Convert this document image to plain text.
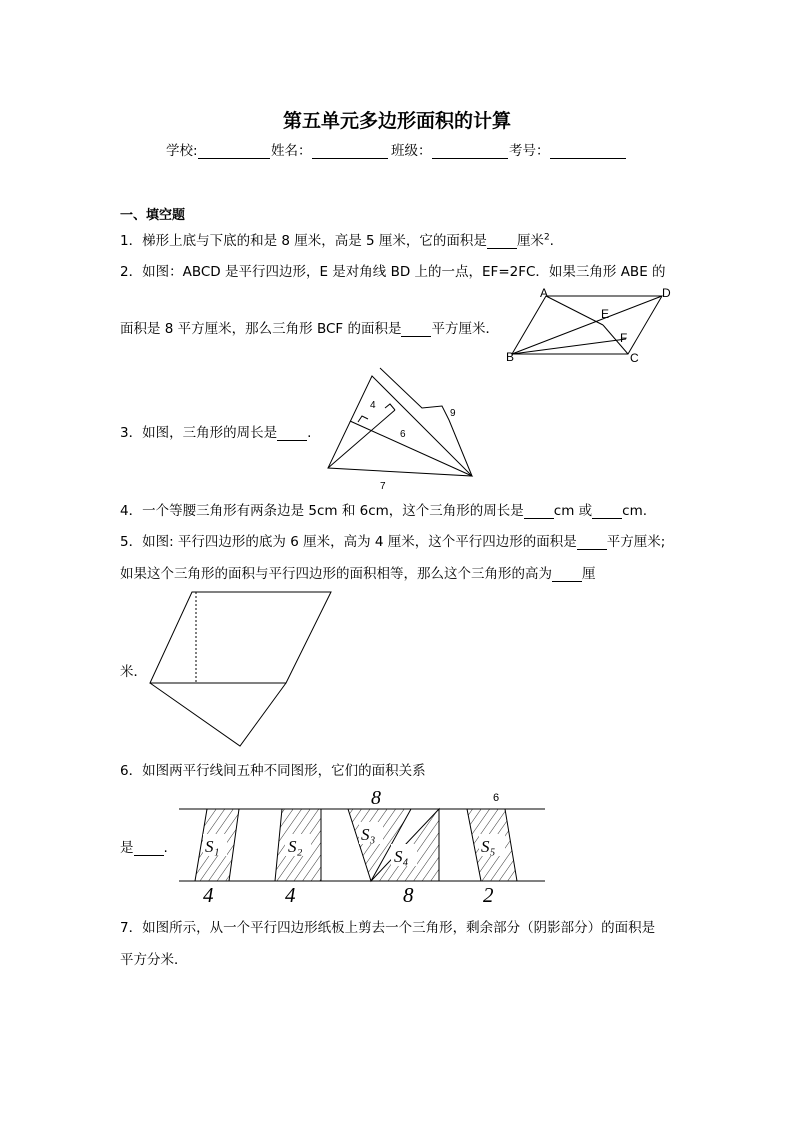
第五单元多边形面积的计算
学校:	姓名：	班级：	考号：
一、填空题
1．梯形上底与下底的和是 8 厘米，高是 5 厘米，它的面积是 厘米$^2$.
2．如图：ABCD 是平行四边形，E 是对角线 BD 上的一点，EF=2FC．如果三角形 ABE 的
面积是 8 平方厘米，那么三角形 BCF 的面积是 平方厘米．
A	D
E
F
B	C
3．如图，三角形的周长是 .
4
6
9
7
4．一个等腰三角形有两条边是 5cm 和 6cm，这个三角形的周长是 cm 或 cm.
5．如图: 平行四边形的底为 6 厘米，高为 4 厘米，这个平行四边形的面积是 平方厘米;
如果这个三角形的面积与平行四边形的面积相等，那么这个三角形的高为 厘
米．
6．如图两平行线间五种不同图形，它们的面积关系
是 .
8	6
S₁	S₂
S₃
S₄
S₅
4	4	8	2
7．如图所示，从一个平行四边形纸板上剪去一个三角形，剩余部分（阴影部分）的面积是
平方分米．
